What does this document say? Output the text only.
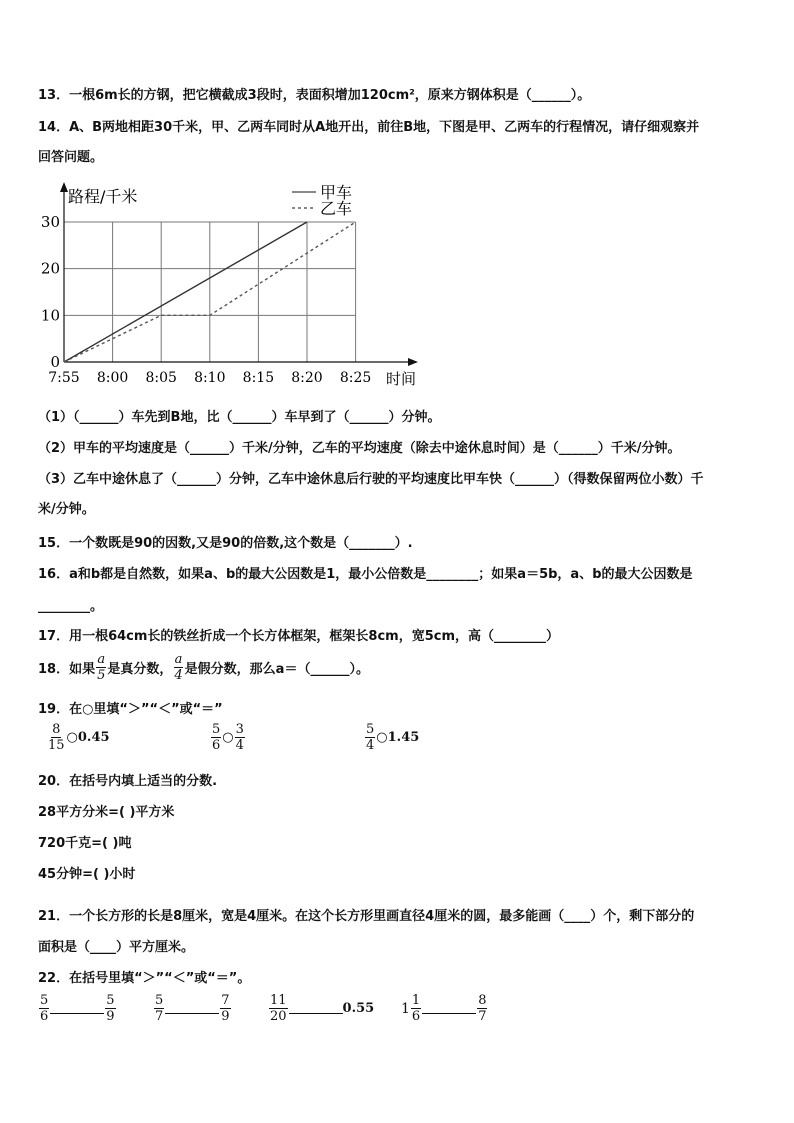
13．一根6m长的方钢，把它横截成3段时，表面积增加120cm²，原来方钢体积是（______）。
14．A、B两地相距30千米，甲、乙两车同时从A地开出，前往B地，下图是甲、乙两车的行程情况，请仔细观察并
回答问题。
0
10
20
30
7:55 8:00 8:05 8:10 8:15 8:20 8:25
路程/千米
时间
甲车
乙车
（1）（______）车先到B地，比（______）车早到了（______）分钟。
（2）甲车的平均速度是（______）千米/分钟，乙车的平均速度（除去中途休息时间）是（______）千米/分钟。
（3）乙车中途休息了（______）分钟，乙车中途休息后行驶的平均速度比甲车快（______）（得数保留两位小数）千
米/分钟。
15．一个数既是90的因数,又是90的倍数,这个数是（_______）.
16．a和b都是自然数，如果a、b的最大公因数是1，最小公倍数是________；如果a＝5b，a、b的最大公因数是
________。
17．用一根64cm长的铁丝折成一个长方体框架，框架长8cm，宽5cm，高（________）
18．如果 $\frac{a}{5}$ 是真分数， $\frac{a}{4}$ 是假分数，那么a＝（______）。
19．在○里填“＞”“＜”或“＝”
$\frac{8}{15}$ ○0.45	$\frac{5}{6}$ ○ $\frac{3}{4}$	$\frac{5}{4}$ ○1.45
20．在括号内填上适当的分数.
28平方分米=( )平方米
720千克=( )吨
45分钟=( )小时
21．一个长方形的长是8厘米，宽是4厘米。在这个长方形里画直径4厘米的圆，最多能画（____）个，剩下部分的
面积是（____）平方厘米。
22．在括号里填“＞”“＜”或“＝”。
$\frac{5}{6}$	$\frac{5}{9}$	$\frac{5}{7}$	$\frac{7}{9}$	$\frac{11}{20}$	0.55 $1 \frac{1}{6}$	$\frac{8}{7}$
